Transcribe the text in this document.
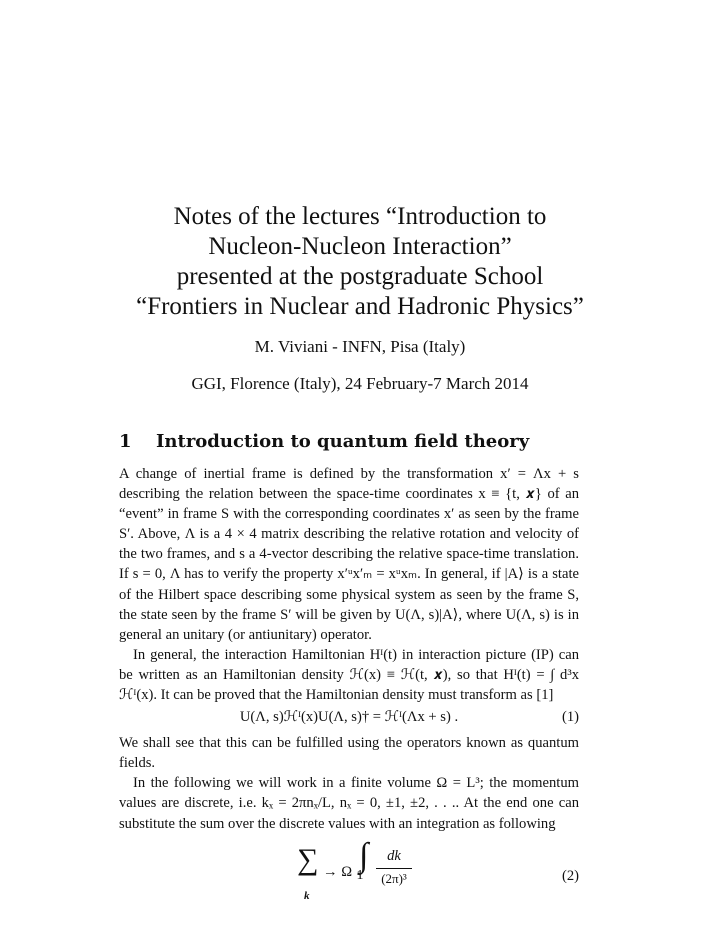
Notes of the lectures “Introduction to
Nucleon-Nucleon Interaction”
presented at the postgraduate School
“Frontiers in Nuclear and Hadronic Physics”
M. Viviani - INFN, Pisa (Italy)
GGI, Florence (Italy), 24 February-7 March 2014
1 Introduction to quantum field theory

A change of inertial frame is defined by the transformation x′ = Λx + s describing the relation between the space-time coordinates x ≡ {t, 𝒙} of an “event” in frame S with the corresponding coordinates x′ as seen by the frame S′. Above, Λ is a 4 × 4 matrix describing the relative rotation and velocity of the two frames, and s a 4-vector describing the relative space-time translation. If s = 0, Λ has to verify the property x′ᵘx′ₘ = xᵘxₘ. In general, if |A⟩ is a state of the Hilbert space describing some physical system as seen by the frame S, the state seen by the frame S′ will be given by U(Λ, s)|A⟩, where U(Λ, s) is in general an unitary (or antiunitary) operator.

In general, the interaction Hamiltonian Hᴵ(t) in interaction picture (IP) can be written as an Hamiltonian density ℋ(x) ≡ ℋ(t, 𝒙), so that Hᴵ(t) = ∫ d³x ℋᴵ(x). It can be proved that the Hamiltonian density must transform as [1]

U(Λ, s)ℋᴵ(x)U(Λ, s)† = ℋᴵ(Λx + s) .	(1)

We shall see that this can be fulfilled using the operators known as quantum fields.

In the following we will work in a finite volume Ω = L³; the momentum values are discrete, i.e. kₓ = 2πnₓ/L, nₓ = 0, ±1, ±2, . . .. At the end one can substitute the sum over the discrete values with an integration as following

∑
k
→ Ω ∫ $\frac{dk}{\text{(2π)³}}$	(2)
1
